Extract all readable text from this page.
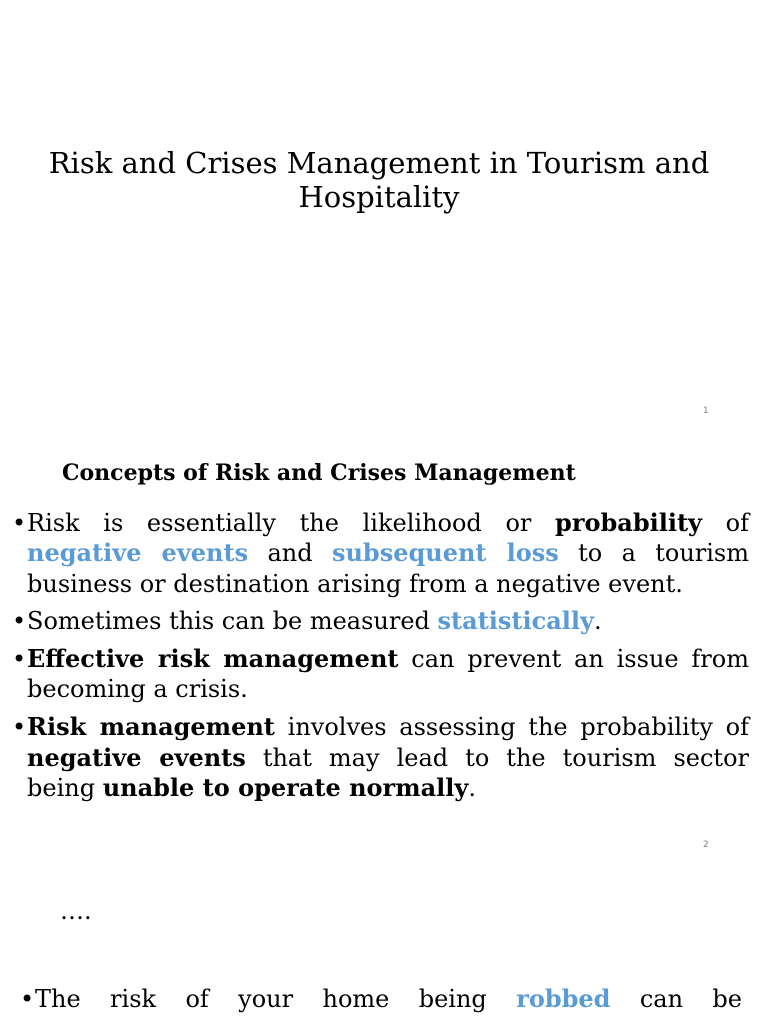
Risk and Crises Management in Tourism and
Hospitality
1
Concepts of Risk and Crises Management
• Risk is essentially the likelihood or probability of negative events and subsequent loss to a tourism business or destination arising from a negative event.
• Sometimes this can be measured statistically.
• Effective risk management can prevent an issue from becoming a crisis.
• Risk management involves assessing the probability of negative events that may lead to the tourism sector being unable to operate normally.
2
….
• The risk of your home being robbed can be
